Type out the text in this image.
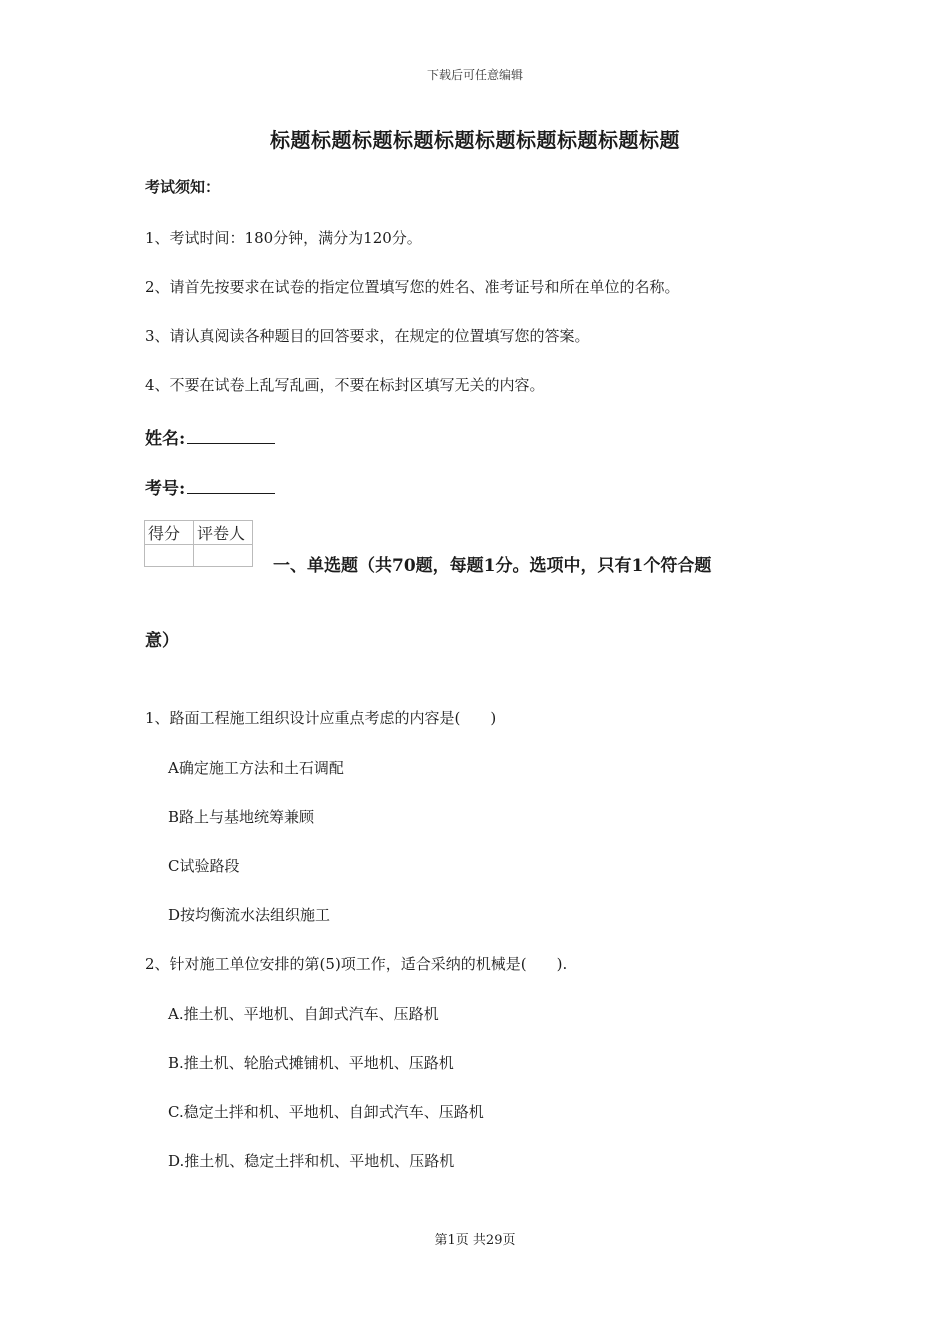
下载后可任意编辑
标题标题标题标题标题标题标题标题标题标题
考试须知：
1、考试时间：180分钟，满分为120分。
2、请首先按要求在试卷的指定位置填写您的姓名、准考证号和所在单位的名称。
3、请认真阅读各种题目的回答要求，在规定的位置填写您的答案。
4、不要在试卷上乱写乱画，不要在标封区填写无关的内容。
姓名:
考号:
得分	评卷人

一、单选题（共70题，每题1分。选项中，只有1个符合题
意）
1、路面工程施工组织设计应重点考虑的内容是(　　)
A确定施工方法和土石调配
B路上与基地统筹兼顾
C试验路段
D按均衡流水法组织施工
2、针对施工单位安排的第(5)项工作，适合采纳的机械是(　　).
A.推土机、平地机、自卸式汽车、压路机
B.推土机、轮胎式摊铺机、平地机、压路机
C.稳定土拌和机、平地机、自卸式汽车、压路机
D.推土机、稳定土拌和机、平地机、压路机
第1页 共29页
